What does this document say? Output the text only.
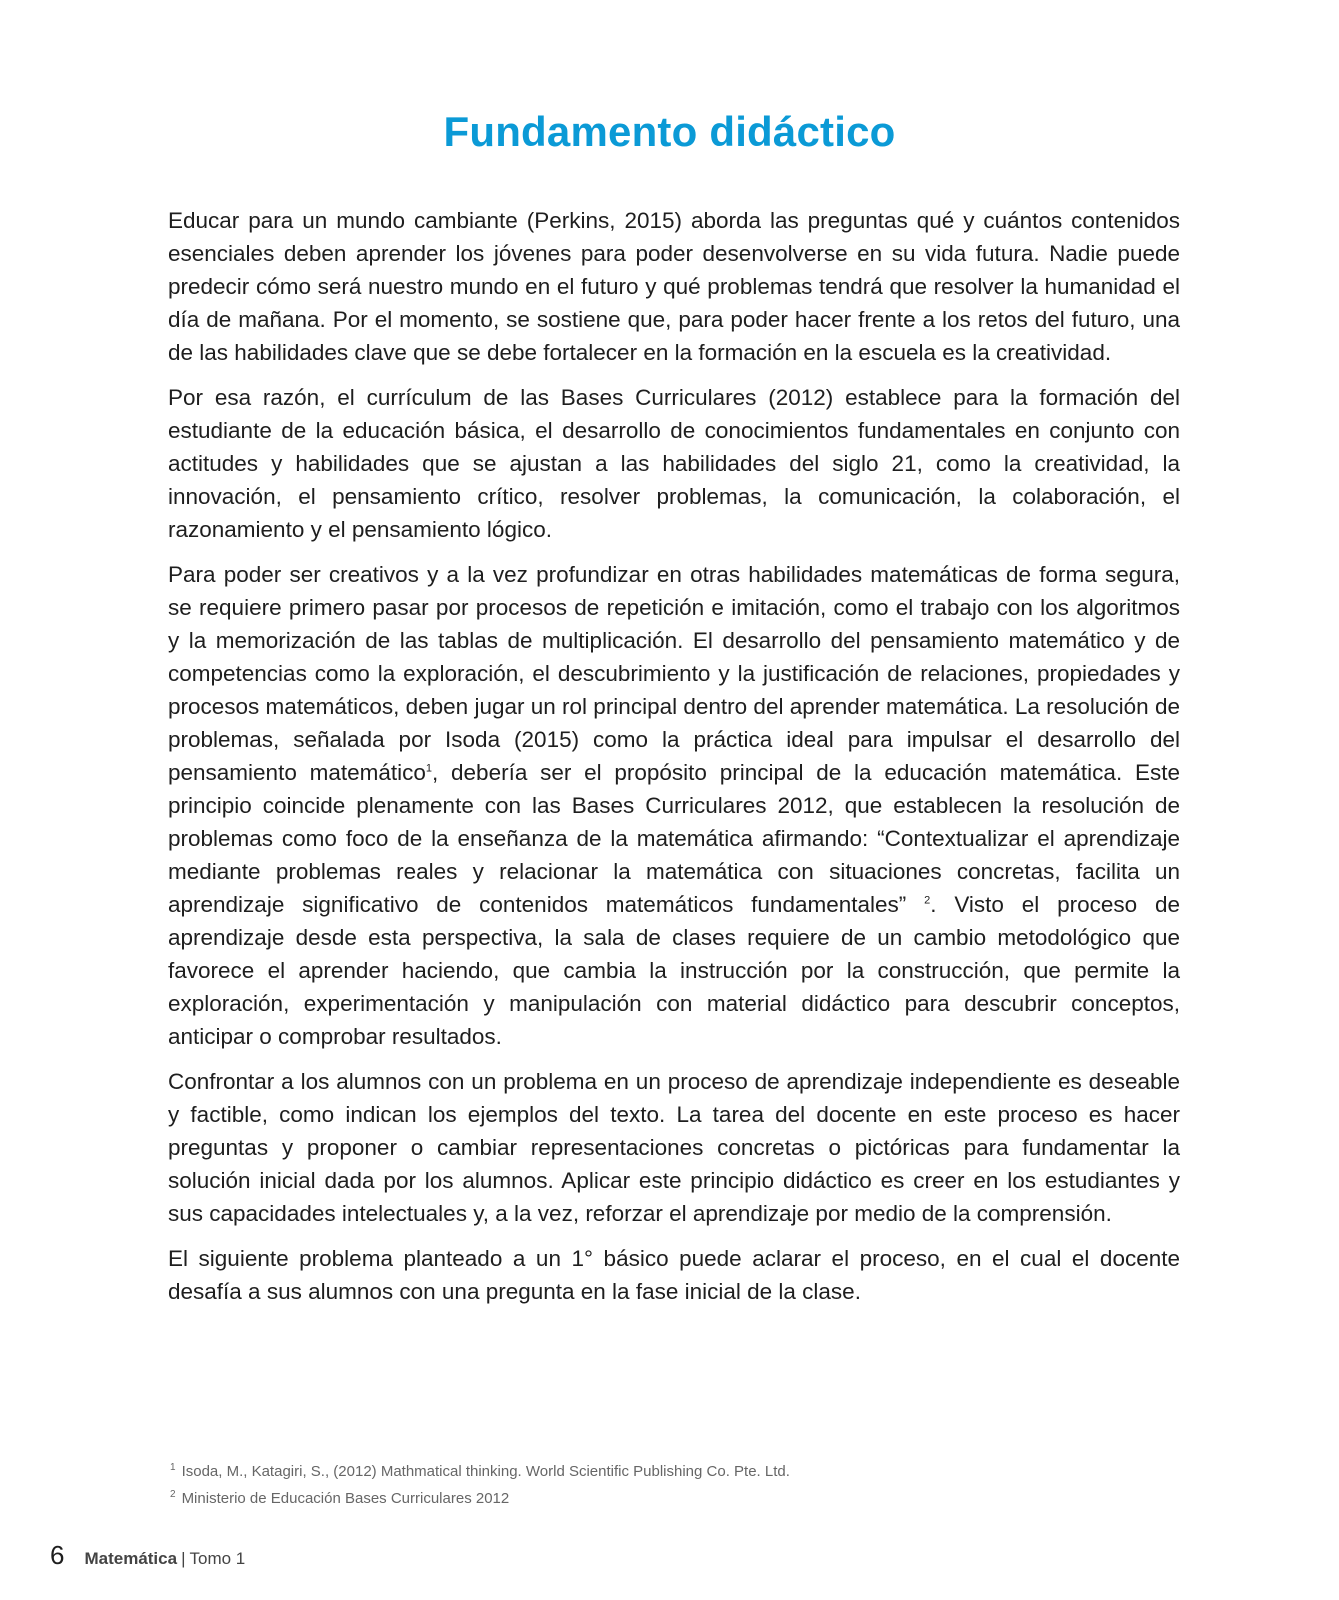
Fundamento didáctico

Educar para un mundo cambiante (Perkins, 2015) aborda las preguntas qué y cuántos contenidos esenciales deben aprender los jóvenes para poder desenvolverse en su vida futura. Nadie puede predecir cómo será nuestro mundo en el futuro y qué problemas tendrá que resolver la humanidad el día de mañana. Por el momento, se sostiene que, para poder hacer frente a los retos del futuro, una de las habilidades clave que se debe fortalecer en la formación en la escuela es la creatividad.

Por esa razón, el currículum de las Bases Curriculares (2012) establece para la formación del estudiante de la educación básica, el desarrollo de conocimientos fundamentales en conjunto con actitudes y habilidades que se ajustan a las habilidades del siglo 21, como la creatividad, la innovación, el pensamiento crítico, resolver problemas, la comunicación, la colaboración, el razonamiento y el pensamiento lógico.

Para poder ser creativos y a la vez profundizar en otras habilidades matemáticas de forma segura, se requiere primero pasar por procesos de repetición e imitación, como el trabajo con los algoritmos y la memorización de las tablas de multiplicación. El desarrollo del pensamiento matemático y de competencias como la exploración, el descubrimiento y la justificación de relaciones, propiedades y procesos matemáticos, deben jugar un rol principal dentro del aprender matemática. La resolución de problemas, señalada por Isoda (2015) como la práctica ideal para impulsar el desarrollo del pensamiento matemático$^1$, debería ser el propósito principal de la educación matemática. Este principio coincide plenamente con las Bases Curriculares 2012, que establecen la resolución de problemas como foco de la enseñanza de la matemática afirmando: “Contextualizar el aprendizaje mediante problemas reales y relacionar la matemática con situaciones concretas, facilita un aprendizaje significativo de contenidos matemáticos fundamentales” $^2$. Visto el proceso de aprendizaje desde esta perspectiva, la sala de clases requiere de un cambio metodológico que favorece el aprender haciendo, que cambia la instrucción por la construcción, que permite la exploración, experimentación y manipulación con material didáctico para descubrir conceptos, anticipar o comprobar resultados.

Confrontar a los alumnos con un problema en un proceso de aprendizaje independiente es deseable y factible, como indican los ejemplos del texto. La tarea del docente en este proceso es hacer preguntas y proponer o cambiar representaciones concretas o pictóricas para fundamentar la solución inicial dada por los alumnos. Aplicar este principio didáctico es creer en los estudiantes y sus capacidades intelectuales y, a la vez, reforzar el aprendizaje por medio de la comprensión.

El siguiente problema planteado a un 1° básico puede aclarar el proceso, en el cual el docente desafía a sus alumnos con una pregunta en la fase inicial de la clase.

$^1$ Isoda, M., Katagiri, S., (2012) Mathmatical thinking. World Scientific Publishing Co. Pte. Ltd.

$^2$ Ministerio de Educación Bases Curriculares 2012

6 Matemática | Tomo 1
